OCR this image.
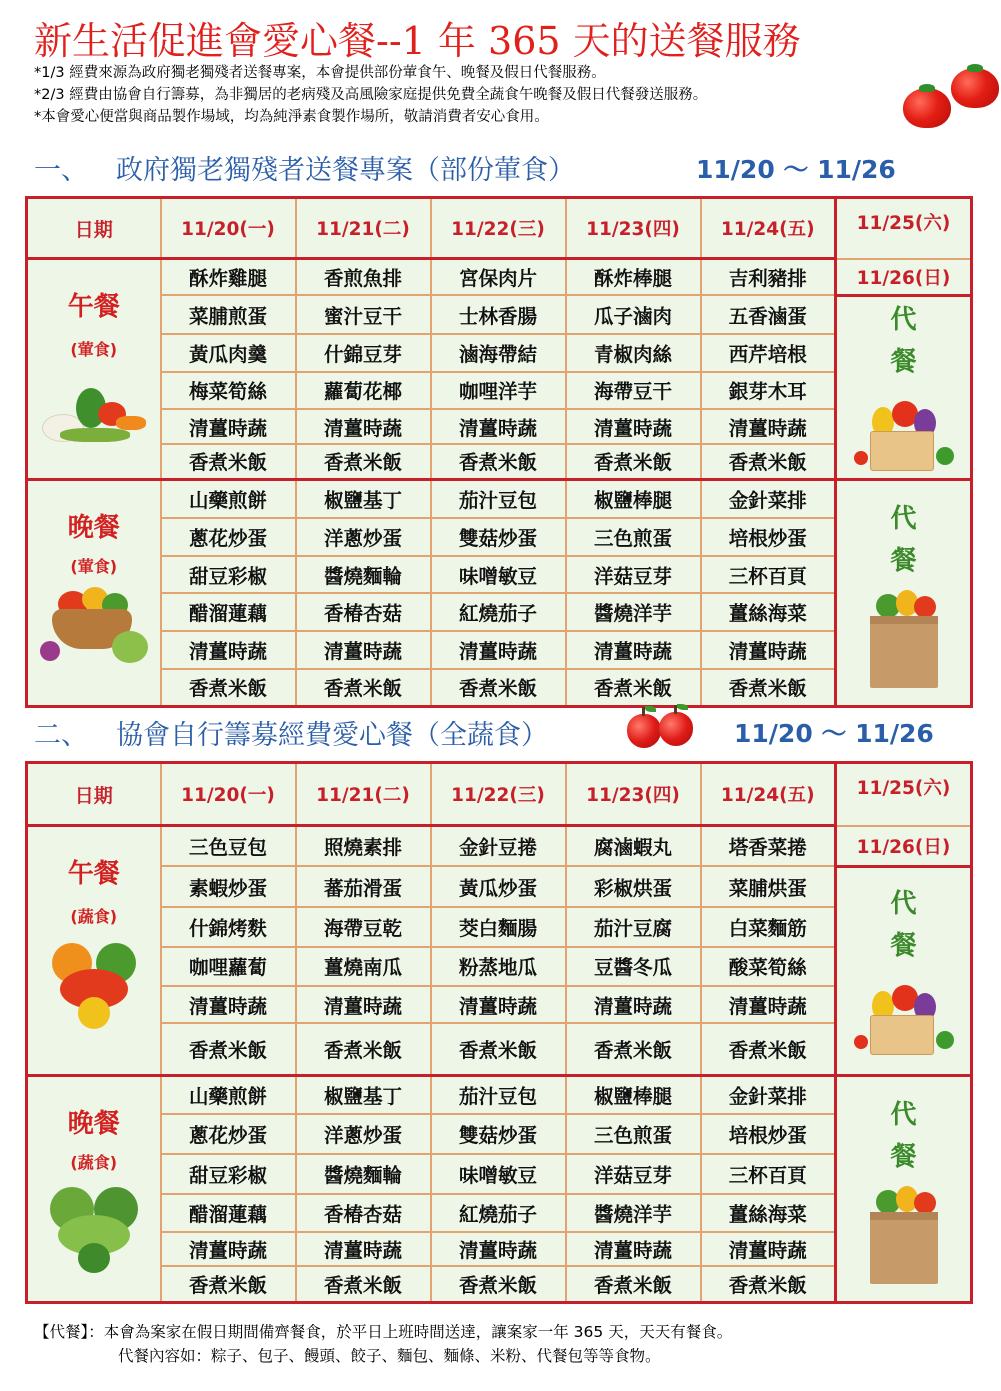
新生活促進會愛心餐--1 年 365 天的送餐服務
*1/3 經費來源為政府獨老獨殘者送餐專案，本會提供部份葷食午、晚餐及假日代餐服務。
*2/3 經費由協會自行籌募，為非獨居的老病殘及高風險家庭提供免費全蔬食午晚餐及假日代餐發送服務。
*本會愛心便當與商品製作場域，均為純淨素食製作場所，敬請消費者安心食用。
一、 政府獨老獨殘者送餐專案（部份葷食）	11/20 ～ 11/26
日期	11/20(一)	11/21(二)	11/22(三)	11/23(四)	11/24(五)	11/25(六)

午餐
(葷食)	酥炸雞腿	香煎魚排	宮保肉片	酥炸棒腿	吉利豬排	11/26(日)
	菜脯煎蛋	蜜汁豆干	士林香腸	瓜子滷肉	五香滷蛋	代
餐

	黃瓜肉羹	什錦豆芽	滷海帶結	青椒肉絲	西芹培根	
	梅菜筍絲	蘿蔔花椰	咖哩洋芋	海帶豆干	銀芽木耳	
	清薑時蔬	清薑時蔬	清薑時蔬	清薑時蔬	清薑時蔬	
	香煮米飯	香煮米飯	香煮米飯	香煮米飯	香煮米飯	

晚餐
(葷食)	山藥煎餅	椒鹽基丁	茄汁豆包	椒鹽棒腿	金針菜排	代
餐

	蔥花炒蛋	洋蔥炒蛋	雙菇炒蛋	三色煎蛋	培根炒蛋	
	甜豆彩椒	醬燒麵輪	味噌敏豆	洋菇豆芽	三杯百頁	
	醋溜蓮藕	香椿杏菇	紅燒茄子	醬燒洋芋	薑絲海菜	
	清薑時蔬	清薑時蔬	清薑時蔬	清薑時蔬	清薑時蔬	
	香煮米飯	香煮米飯	香煮米飯	香煮米飯	香煮米飯	
二、 協會自行籌募經費愛心餐（全蔬食）	11/20 ～ 11/26
日期	11/20(一)	11/21(二)	11/22(三)	11/23(四)	11/24(五)	11/25(六)

午餐
(蔬食)	三色豆包	照燒素排	金針豆捲	腐滷蝦丸	塔香菜捲	11/26(日)
	素蝦炒蛋	蕃茄滑蛋	黃瓜炒蛋	彩椒烘蛋	菜脯烘蛋	代
餐

	什錦烤麩	海帶豆乾	茭白麵腸	茄汁豆腐	白菜麵筋	
	咖哩蘿蔔	薑燒南瓜	粉蒸地瓜	豆醬冬瓜	酸菜筍絲	
	清薑時蔬	清薑時蔬	清薑時蔬	清薑時蔬	清薑時蔬	
	香煮米飯	香煮米飯	香煮米飯	香煮米飯	香煮米飯	

晚餐
(蔬食)	山藥煎餅	椒鹽基丁	茄汁豆包	椒鹽棒腿	金針菜排	代
餐

	蔥花炒蛋	洋蔥炒蛋	雙菇炒蛋	三色煎蛋	培根炒蛋	
	甜豆彩椒	醬燒麵輪	味噌敏豆	洋菇豆芽	三杯百頁	
	醋溜蓮藕	香椿杏菇	紅燒茄子	醬燒洋芋	薑絲海菜	
	清薑時蔬	清薑時蔬	清薑時蔬	清薑時蔬	清薑時蔬	
	香煮米飯	香煮米飯	香煮米飯	香煮米飯	香煮米飯	
【代餐】：本會為案家在假日期間備齊餐食，於平日上班時間送達，讓案家一年 365 天，天天有餐食。
代餐內容如：粽子、包子、饅頭、餃子、麵包、麵條、米粉、代餐包等等食物。
